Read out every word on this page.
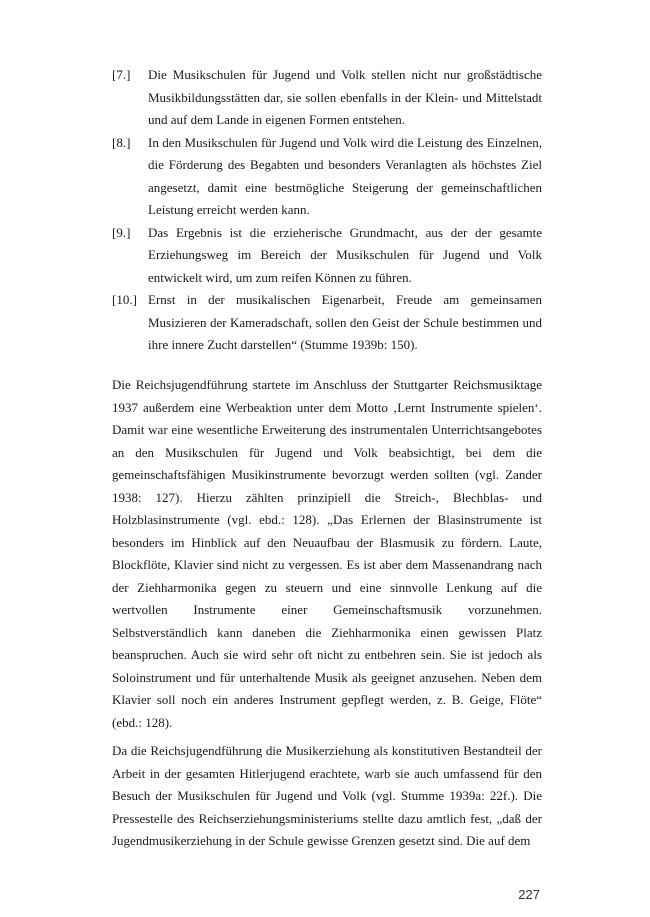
[7.]	Die Musikschulen für Jugend und Volk stellen nicht nur großstädtische Musikbildungsstätten dar, sie sollen ebenfalls in der Klein- und Mittelstadt und auf dem Lande in eigenen Formen entstehen.
[8.]	In den Musikschulen für Jugend und Volk wird die Leistung des Einzelnen, die Förderung des Begabten und besonders Veranlagten als höchstes Ziel angesetzt, damit eine bestmögliche Steigerung der gemeinschaftlichen Leistung erreicht werden kann.
[9.]	Das Ergebnis ist die erzieherische Grundmacht, aus der der gesamte Erziehungsweg im Bereich der Musikschulen für Jugend und Volk entwickelt wird, um zum reifen Können zu führen.
[10.] Ernst in der musikalischen Eigenarbeit, Freude am gemeinsamen Musizieren der Kameradschaft, sollen den Geist der Schule bestimmen und ihre innere Zucht darstellen“ (Stumme 1939b: 150).

Die Reichsjugendführung startete im Anschluss der Stuttgarter Reichsmusiktage 1937 außerdem eine Werbeaktion unter dem Motto ‚Lernt Instrumente spielen‘. Damit war eine wesentliche Erweiterung des instrumentalen Unterrichtsangebotes an den Musikschulen für Jugend und Volk beabsichtigt, bei dem die gemeinschaftsfähigen Musikinstrumente bevorzugt werden sollten (vgl. Zander 1938: 127). Hierzu zählten prinzipiell die Streich-, Blechblas- und Holzblasinstrumente (vgl. ebd.: 128). „Das Erlernen der Blasinstrumente ist besonders im Hinblick auf den Neuaufbau der Blasmusik zu fördern. Laute, Blockflöte, Klavier sind nicht zu vergessen. Es ist aber dem Massenandrang nach der Ziehharmonika gegen zu steuern und eine sinnvolle Lenkung auf die wertvollen Instrumente einer Gemeinschaftsmusik vorzunehmen. Selbstverständlich kann daneben die Ziehharmonika einen gewissen Platz beanspruchen. Auch sie wird sehr oft nicht zu entbehren sein. Sie ist jedoch als Soloinstrument und für unterhaltende Musik als geeignet anzusehen. Neben dem Klavier soll noch ein anderes Instrument gepflegt werden, z. B. Geige, Flöte“ (ebd.: 128).

Da die Reichsjugendführung die Musikerziehung als konstitutiven Bestandteil der Arbeit in der gesamten Hitlerjugend erachtete, warb sie auch umfassend für den Besuch der Musikschulen für Jugend und Volk (vgl. Stumme 1939a: 22f.). Die Pressestelle des Reichserziehungsministeriums stellte dazu amtlich fest, „daß der Jugendmusikerziehung in der Schule gewisse Grenzen gesetzt sind. Die auf dem

227
